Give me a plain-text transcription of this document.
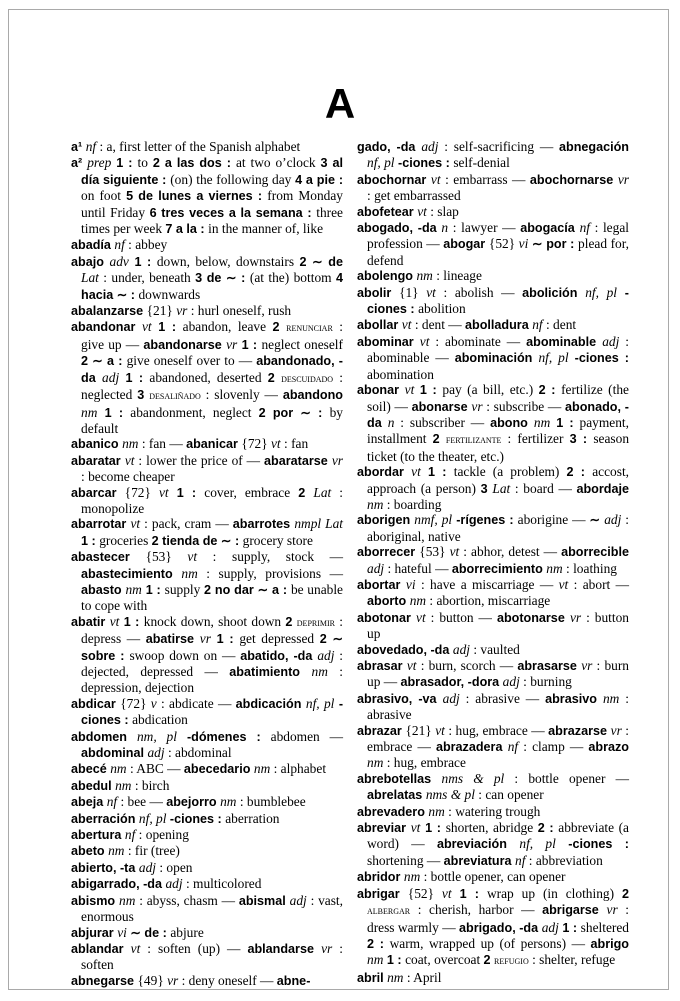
A

a¹ nf : a, first letter of the Spanish alphabet

a² prep 1 : to 2 a las dos : at two o’clock 3 al día siguiente : (on) the following day 4 a pie : on foot 5 de lunes a viernes : from Monday until Friday 6 tres veces a la semana : three times per week 7 a la : in the manner of, like

abadía nf : abbey

abajo adv 1 : down, below, downstairs 2 ∼ de Lat : under, beneath 3 de ∼ : (at the) bottom 4 hacia ∼ : downwards

abalanzarse {21} vr : hurl oneself, rush

abandonar vt 1 : abandon, leave 2 renunciar : give up — abandonarse vr 1 : neglect oneself 2 ∼ a : give oneself over to — abandonado, -da adj 1 : abandoned, deserted 2 descuidado : neglected 3 desaliñado : slovenly — abandono nm 1 : abandonment, neglect 2 por ∼ : by default

abanico nm : fan — abanicar {72} vt : fan

abaratar vt : lower the price of — abaratarse vr : become cheaper

abarcar {72} vt 1 : cover, embrace 2 Lat : monopolize

abarrotar vt : pack, cram — abarrotes nmpl Lat 1 : groceries 2 tienda de ∼ : grocery store

abastecer {53} vt : supply, stock — abastecimiento nm : supply, provisions — abasto nm 1 : supply 2 no dar ∼ a : be unable to cope with

abatir vt 1 : knock down, shoot down 2 deprimir : depress — abatirse vr 1 : get depressed 2 ∼ sobre : swoop down on — abatido, -da adj : dejected, depressed — abatimiento nm : depression, dejection

abdicar {72} v : abdicate — abdicación nf, pl -ciones : abdication

abdomen nm, pl -dómenes : abdomen — abdominal adj : abdominal

abecé nm : ABC — abecedario nm : alphabet

abedul nm : birch

abeja nf : bee — abejorro nm : bumblebee

aberración nf, pl -ciones : aberration

abertura nf : opening

abeto nm : fir (tree)

abierto, -ta adj : open

abigarrado, -da adj : multicolored

abismo nm : abyss, chasm — abismal adj : vast, enormous

abjurar vi ∼ de : abjure

ablandar vt : soften (up) — ablandarse vr : soften

abnegarse {49} vr : deny oneself — abne-

gado, -da adj : self-sacrificing — abnegación nf, pl -ciones : self-denial

abochornar vt : embarrass — abochornarse vr : get embarrassed

abofetear vt : slap

abogado, -da n : lawyer — abogacía nf : legal profession — abogar {52} vi ∼ por : plead for, defend

abolengo nm : lineage

abolir {1} vt : abolish — abolición nf, pl -ciones : abolition

abollar vt : dent — abolladura nf : dent

abominar vt : abominate — abominable adj : abominable — abominación nf, pl -ciones : abomination

abonar vt 1 : pay (a bill, etc.) 2 : fertilize (the soil) — abonarse vr : subscribe — abonado, -da n : subscriber — abono nm 1 : payment, installment 2 fertilizante : fertilizer 3 : season ticket (to the theater, etc.)

abordar vt 1 : tackle (a problem) 2 : accost, approach (a person) 3 Lat : board — abordaje nm : boarding

aborigen nmf, pl -rígenes : aborigine — ∼ adj : aboriginal, native

aborrecer {53} vt : abhor, detest — aborrecible adj : hateful — aborrecimiento nm : loathing

abortar vi : have a miscarriage — vt : abort — aborto nm : abortion, miscarriage

abotonar vt : button — abotonarse vr : button up

abovedado, -da adj : vaulted

abrasar vt : burn, scorch — abrasarse vr : burn up — abrasador, -dora adj : burning

abrasivo, -va adj : abrasive — abrasivo nm : abrasive

abrazar {21} vt : hug, embrace — abrazarse vr : embrace — abrazadera nf : clamp — abrazo nm : hug, embrace

abrebotellas nms & pl : bottle opener — abrelatas nms & pl : can opener

abrevadero nm : watering trough

abreviar vt 1 : shorten, abridge 2 : abbreviate (a word) — abreviación nf, pl -ciones : shortening — abreviatura nf : abbreviation

abridor nm : bottle opener, can opener

abrigar {52} vt 1 : wrap up (in clothing) 2 albergar : cherish, harbor — abrigarse vr : dress warmly — abrigado, -da adj 1 : sheltered 2 : warm, wrapped up (of persons) — abrigo nm 1 : coat, overcoat 2 refugio : shelter, refuge

abril nm : April
